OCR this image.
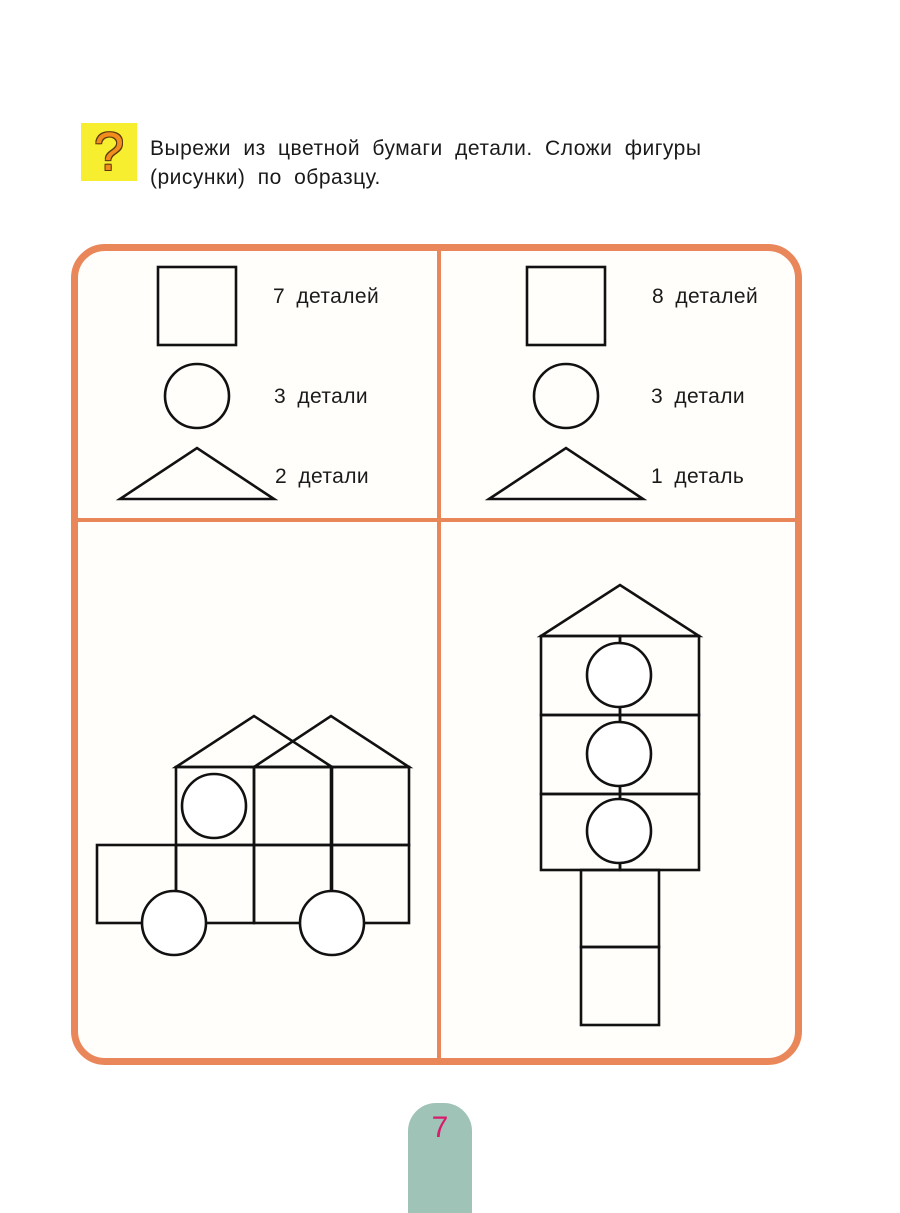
? Вырежи из цветной бумаги детали. Сложи фигуры
(рисунки) по образцу.
7 деталей
3 детали
2 детали
8 деталей
3 детали
1 деталь
7
